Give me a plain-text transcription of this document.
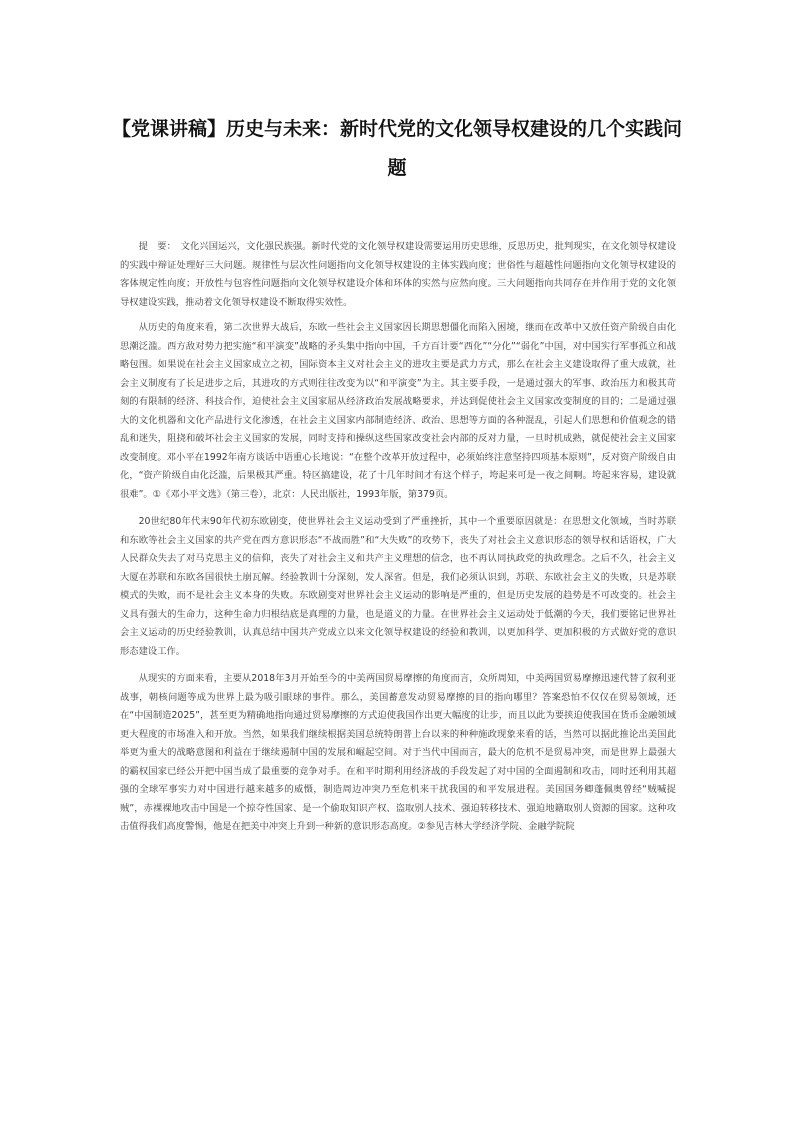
【党课讲稿】历史与未来：新时代党的文化领导权建设的几个实践问题

提　要：　文化兴国运兴，文化强民族强。新时代党的文化领导权建设需要运用历史思维，反思历史，批判现实，在文化领导权建设的实践中辩证处理好三大问题。规律性与层次性问题指向文化领导权建设的主体实践向度；世俗性与超越性问题指向文化领导权建设的客体规定性向度；开放性与包容性问题指向文化领导权建设介体和环体的实然与应然向度。三大问题指向共同存在并作用于党的文化领导权建设实践，推动着文化领导权建设不断取得实效性。

从历史的角度来看，第二次世界大战后，东欧一些社会主义国家因长期思想僵化而陷入困境，继而在改革中又放任资产阶级自由化思潮泛滥。西方敌对势力把实施“和平演变”战略的矛头集中指向中国，千方百计要“西化”“分化”“弱化”中国，对中国实行军事孤立和战略包围。如果说在社会主义国家成立之初，国际资本主义对社会主义的进攻主要是武力方式，那么在社会主义建设取得了重大成就，社会主义制度有了长足进步之后，其进攻的方式则往往改变为以“和平演变”为主。其主要手段，一是通过强大的军事、政治压力和极其苛刻的有限制的经济、科技合作，迫使社会主义国家屈从经济政治发展战略要求，并达到促使社会主义国家改变制度的目的；二是通过强大的文化机器和文化产品进行文化渗透，在社会主义国家内部制造经济、政治、思想等方面的各种混乱，引起人们思想和价值观念的错乱和迷失，阻挠和破坏社会主义国家的发展，同时支持和操纵这些国家改变社会内部的反对力量，一旦时机成熟，就促使社会主义国家改变制度。邓小平在1992年南方谈话中语重心长地说：“在整个改革开放过程中，必须始终注意坚持四项基本原则”，反对资产阶级自由化，“资产阶级自由化泛滥，后果极其严重。特区搞建设，花了十几年时间才有这个样子，垮起来可是一夜之间啊。垮起来容易，建设就很难”。①《邓小平文选》（第三卷），北京：人民出版社，1993年版，第379页。

20世纪80年代末90年代初东欧剧变，使世界社会主义运动受到了严重挫折，其中一个重要原因就是：在思想文化领域，当时苏联和东欧等社会主义国家的共产党在西方意识形态“不战而胜”和“大失败”的攻势下，丧失了对社会主义意识形态的领导权和话语权，广大人民群众失去了对马克思主义的信仰，丧失了对社会主义和共产主义理想的信念，也不再认同执政党的执政理念。之后不久，社会主义大厦在苏联和东欧各国很快土崩瓦解。经验教训十分深刻，发人深省。但是，我们必须认识到，苏联、东欧社会主义的失败，只是苏联模式的失败，而不是社会主义本身的失败。东欧剧变对世界社会主义运动的影响是严重的，但是历史发展的趋势是不可改变的。社会主义具有强大的生命力，这种生命力归根结底是真理的力量，也是道义的力量。在世界社会主义运动处于低潮的今天，我们要铭记世界社会主义运动的历史经验教训，认真总结中国共产党成立以来文化领导权建设的经验和教训，以更加科学、更加积极的方式做好党的意识形态建设工作。

从现实的方面来看，主要从2018年3月开始至今的中美两国贸易摩擦的角度而言，众所周知，中美两国贸易摩擦迅速代替了叙利亚战事，朝核问题等成为世界上最为吸引眼球的事件。那么，美国蓄意发动贸易摩擦的目的指向哪里？答案恐怕不仅仅在贸易领域，还在“中国制造2025”，甚至更为精确地指向通过贸易摩擦的方式迫使我国作出更大幅度的让步，而且以此为要挟迫使我国在货币金融领域更大程度的市场准入和开放。当然，如果我们继续根据美国总统特朗普上台以来的种种施政现象来看的话，当然可以据此推论出美国此举更为重大的战略意图和利益在于继续遏制中国的发展和崛起空间。对于当代中国而言，最大的危机不是贸易冲突，而是世界上最强大的霸权国家已经公开把中国当成了最重要的竞争对手。在和平时期利用经济战的手段发起了对中国的全面遏制和攻击，同时还利用其超强的全球军事实力对中国进行越来越多的威慑，制造周边冲突乃至危机来干扰我国的和平发展进程。美国国务卿蓬佩奥曾经“贼喊捉贼”，赤裸裸地攻击中国是一个掠夺性国家、是一个偷取知识产权、盗取别人技术、强迫转移技术、强迫地籍取别人资源的国家。这种攻击值得我们高度警惕，他是在把美中冲突上升到一种新的意识形态高度。②参见吉林大学经济学院、金融学院院
